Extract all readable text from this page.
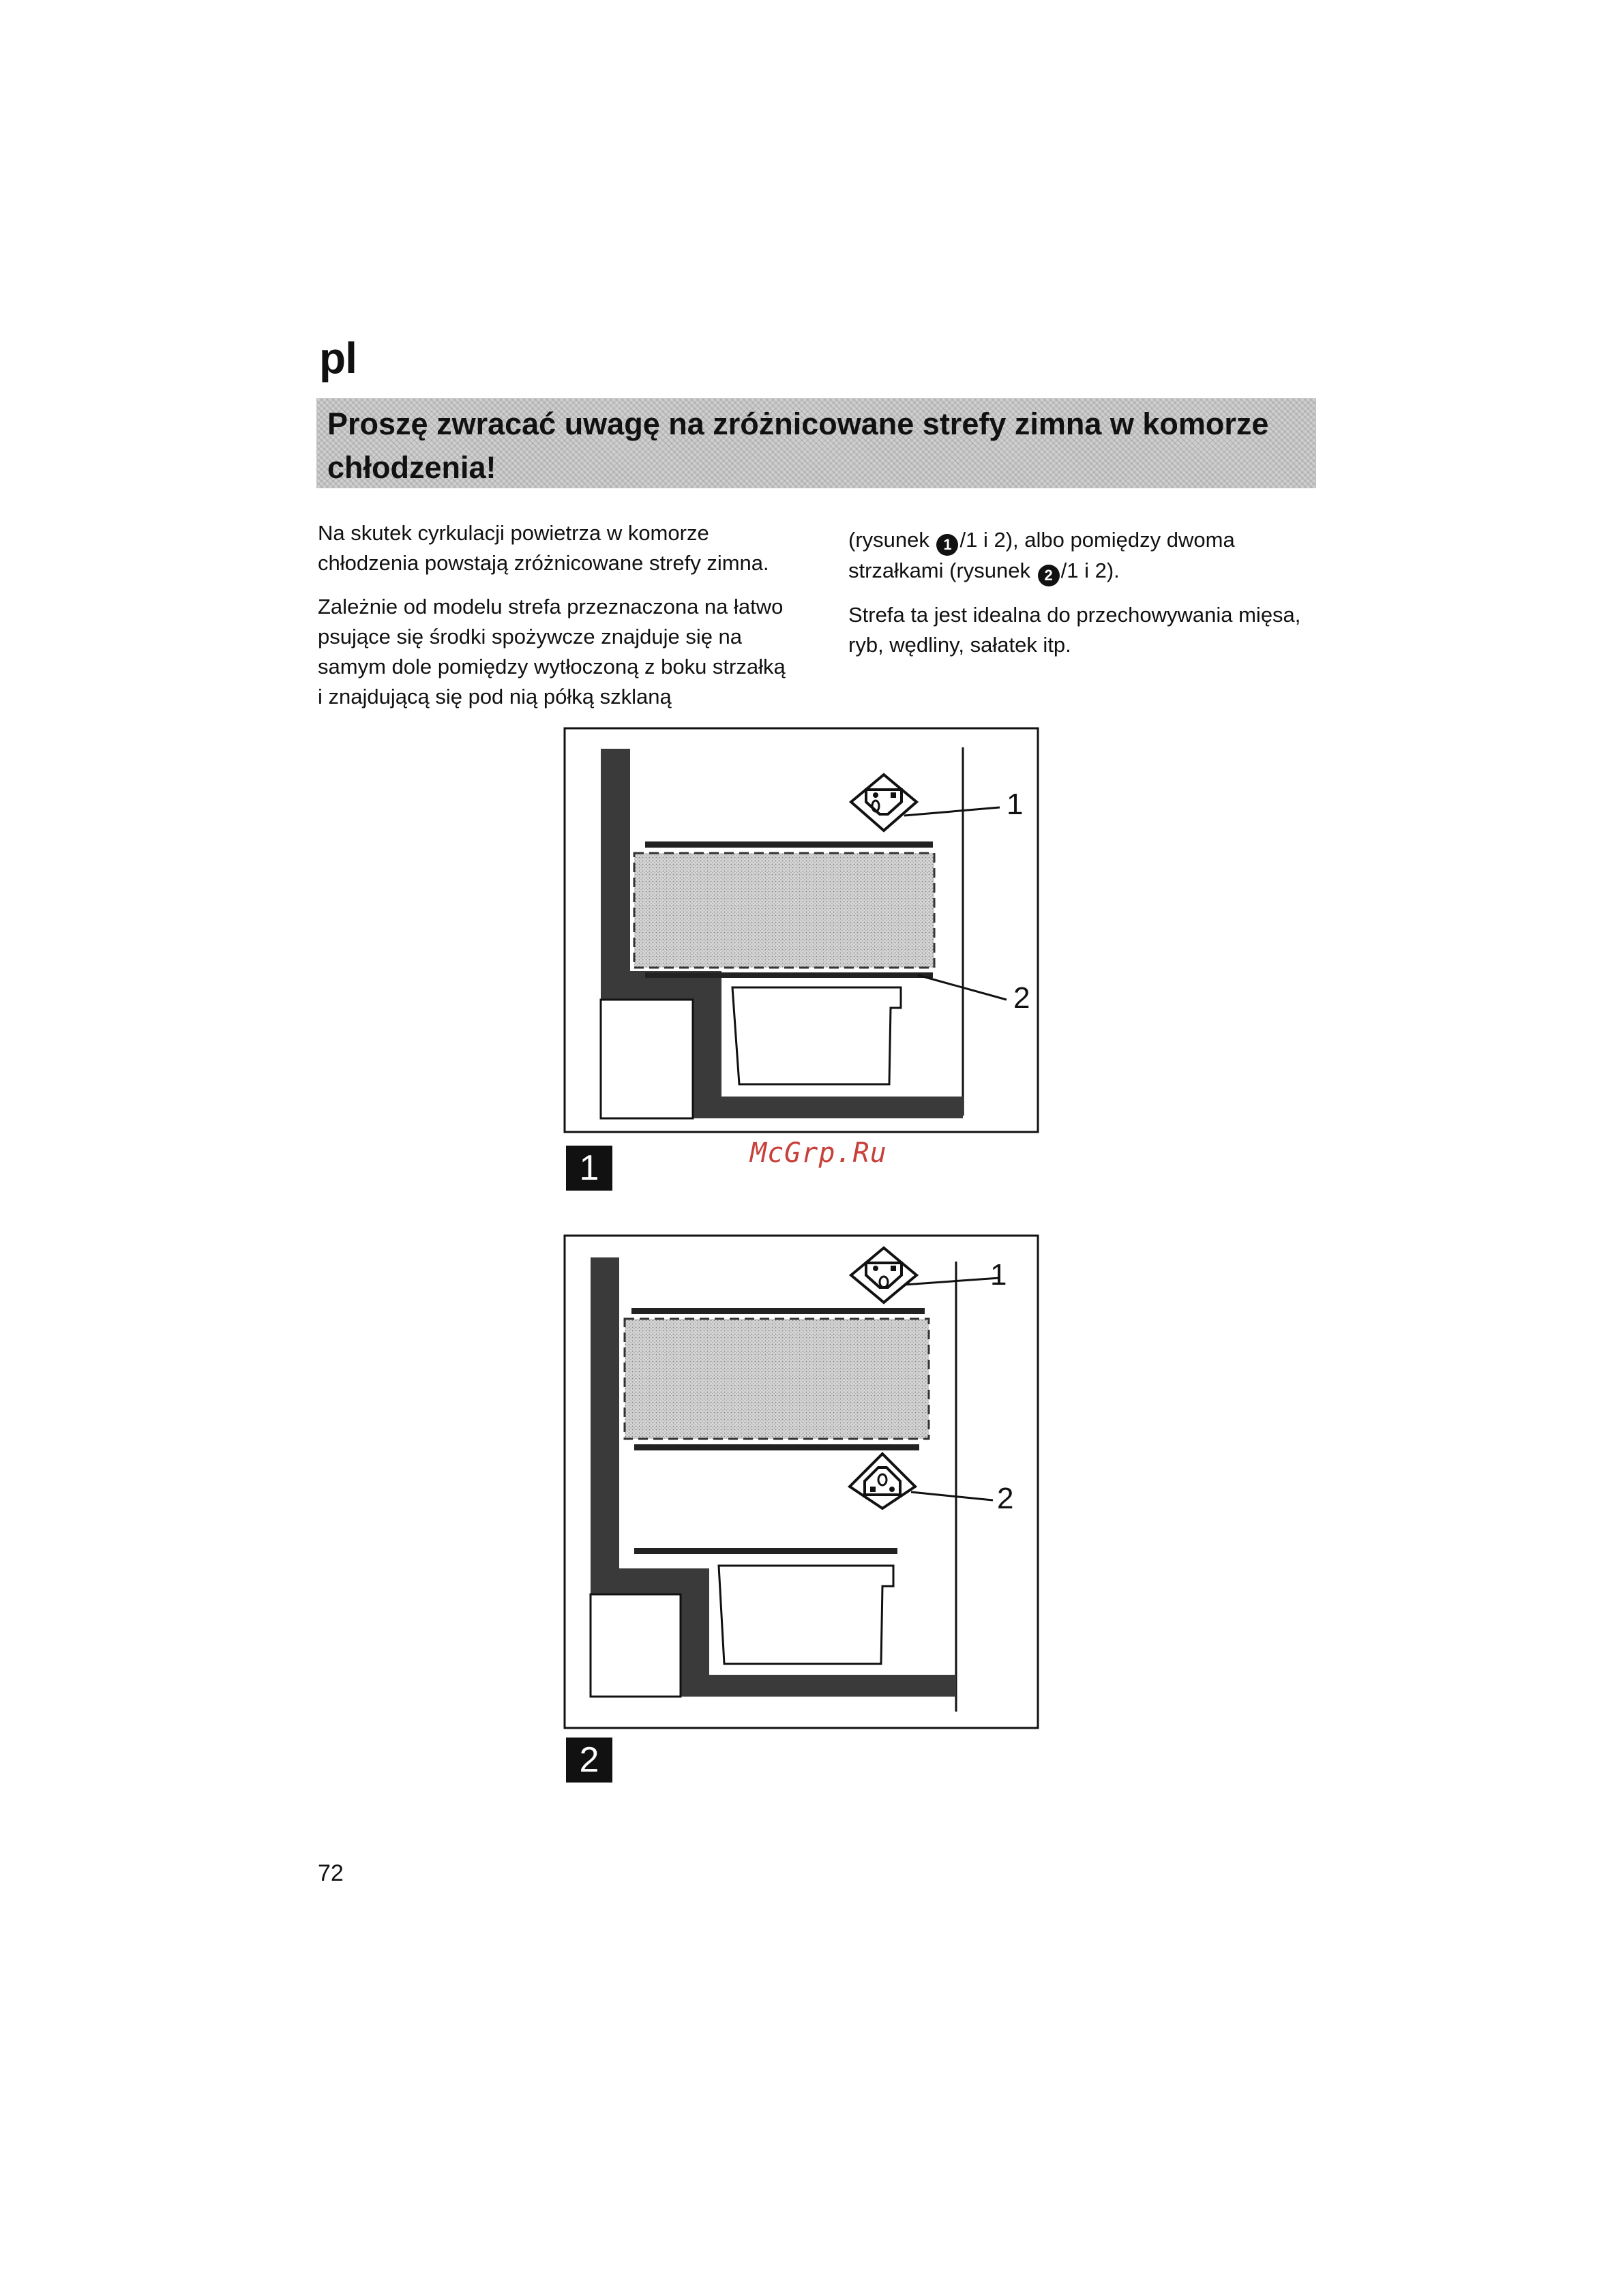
pl
Proszę zwracać uwagę na zróżnicowane strefy zimna w komorze chłodzenia!

Na skutek cyrkulacji powietrza w komorze chłodzenia powstają zróżnicowane strefy zimna.

Zależnie od modelu strefa przeznaczona na łatwo psujące się środki spożywcze znajduje się na samym dole pomiędzy wytłoczoną z boku strzałką i znajdującą się pod nią półką szklaną

(rysunek 1 /1 i 2), albo pomiędzy dwoma strzałkami (rysunek 2 /1 i 2).

Strefa ta jest idealna do przechowywania mięsa, ryb, wędliny, sałatek itp.

1
2
1	McGrp.Ru
1
2
2
72
